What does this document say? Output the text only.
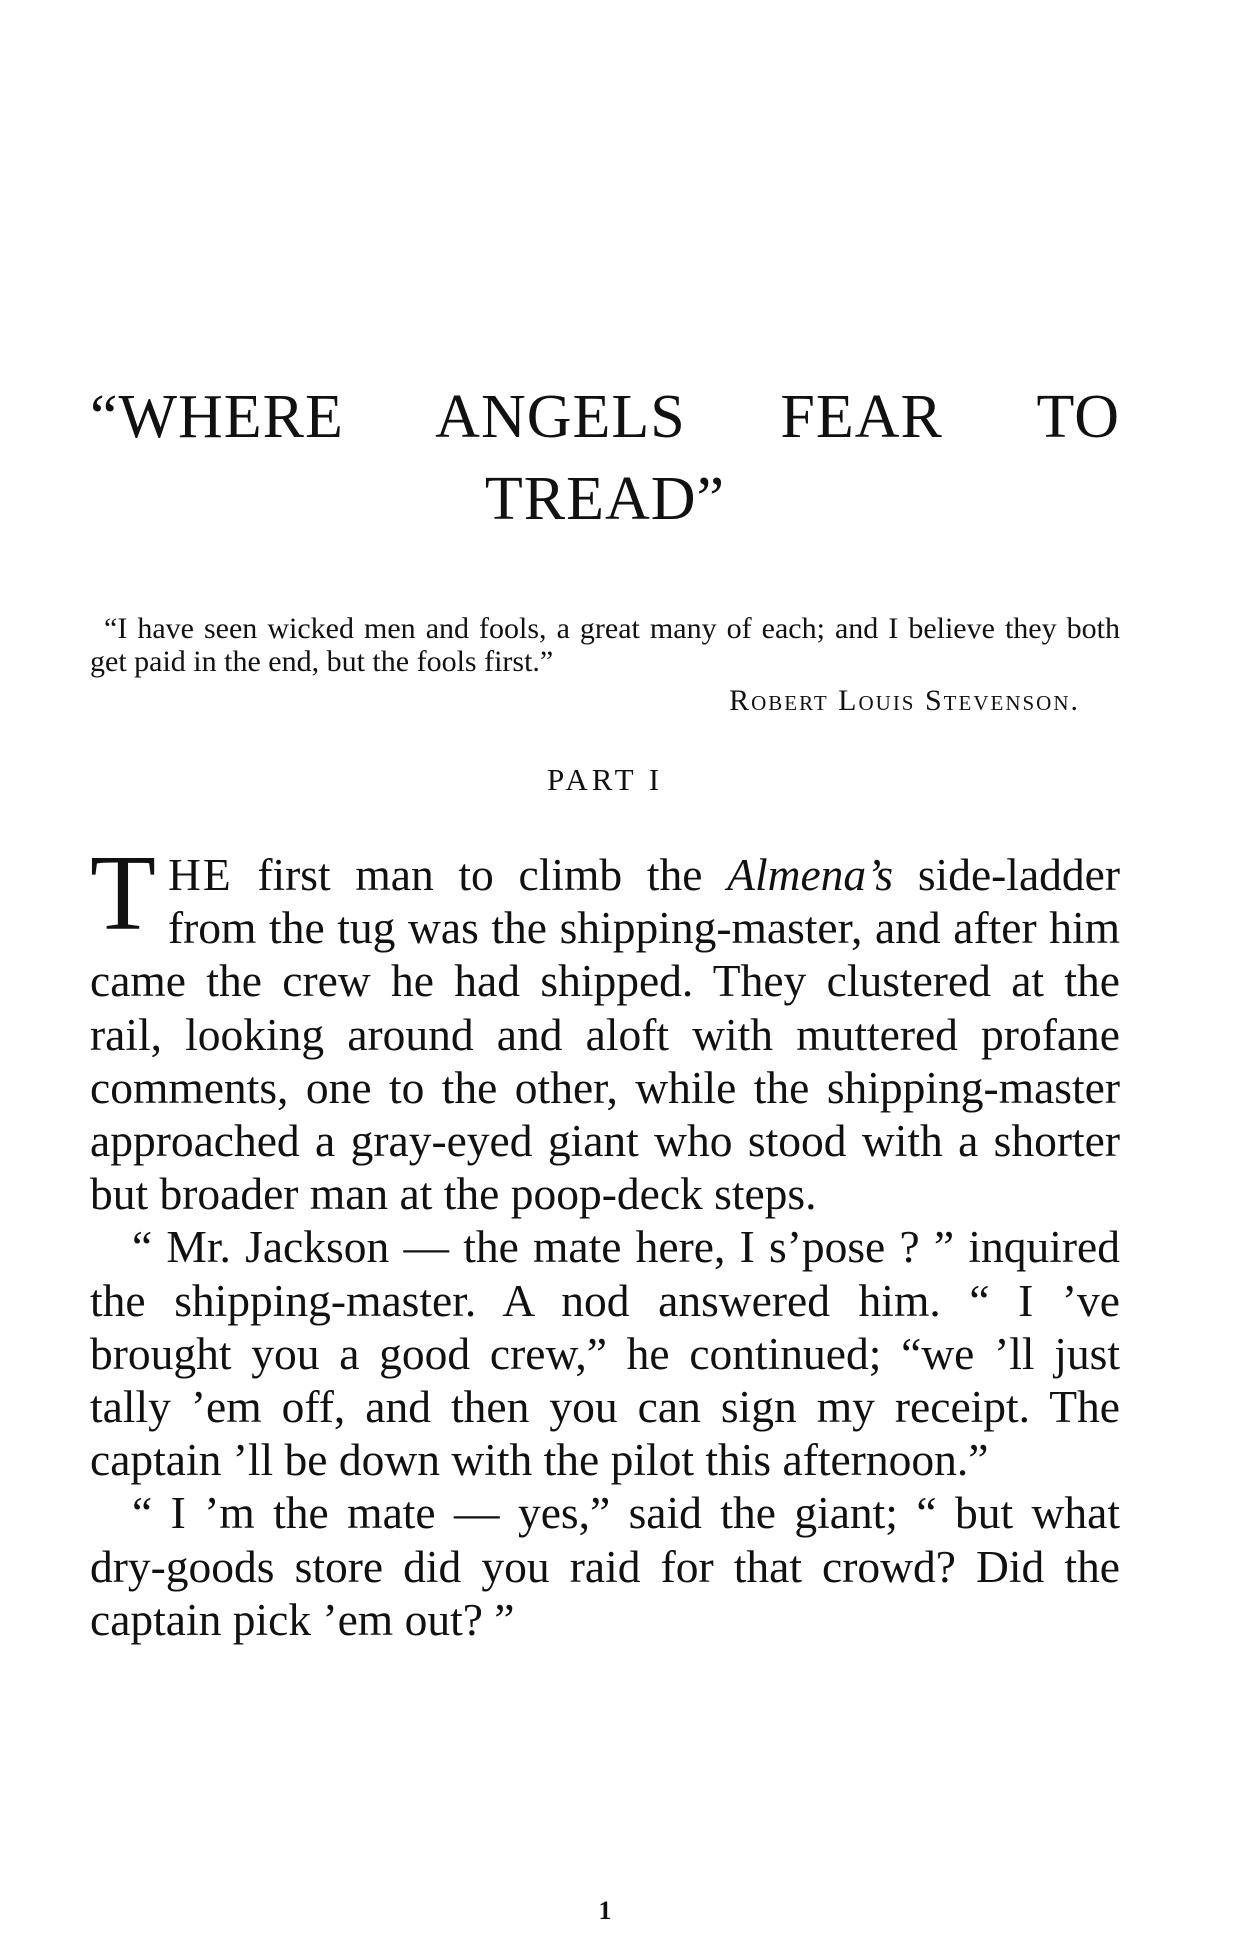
“WHERE ANGELS FEAR TO
TREAD”

“I have seen wicked men and fools, a great many of each; and I believe they both get paid in the end, but the fools first.”

Robert Louis Stevenson.

PART I

THE first man to climb the Almena’s side-ladder from the tug was the shipping-master, and after him came the crew he had shipped. They clustered at the rail, looking around and aloft with muttered profane comments, one to the other, while the shipping-master approached a gray-eyed giant who stood with a shorter but broader man at the poop-deck steps.

“ Mr. Jackson — the mate here, I s’pose ? ” inquired the shipping-master. A nod answered him. “ I ’ve brought you a good crew,” he continued; “we ’ll just tally ’em off, and then you can sign my receipt. The captain ’ll be down with the pilot this afternoon.”

“ I ’m the mate — yes,” said the giant; “ but what dry-goods store did you raid for that crowd? Did the captain pick ’em out? ”

1
